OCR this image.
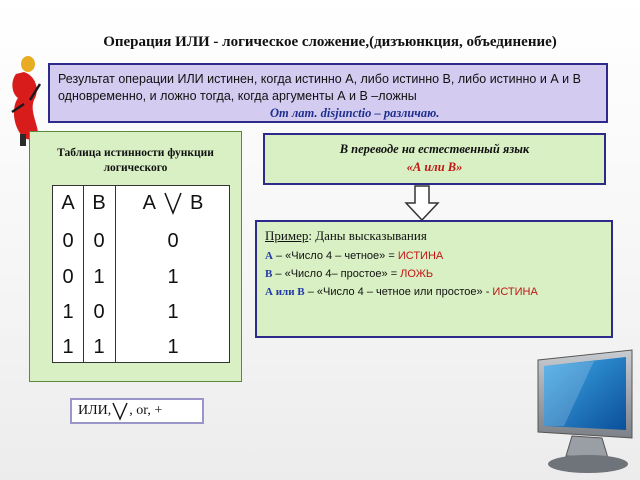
Операция ИЛИ - логическое сложение,(дизъюнкция, объединение)
Результат операции ИЛИ истинен, когда истинно А, либо истинно В, либо истинно и А и В одновременно, и ложно тогда, когда аргументы А и В –ложны
От лат. disjunctio – различаю.
Таблица истинности функции логического
A B	A B
0 0	0
0 1	1
1 0	1
1 1	1
В переводе на естественный язык
«А или В»
Пример: Даны высказывания
А – «Число 4 – четное» = ИСТИНА
В – «Число 4– простое» = ЛОЖЬ
А или В – «Число 4 – четное или простое» - ИСТИНА
ИЛИ, , or, +
